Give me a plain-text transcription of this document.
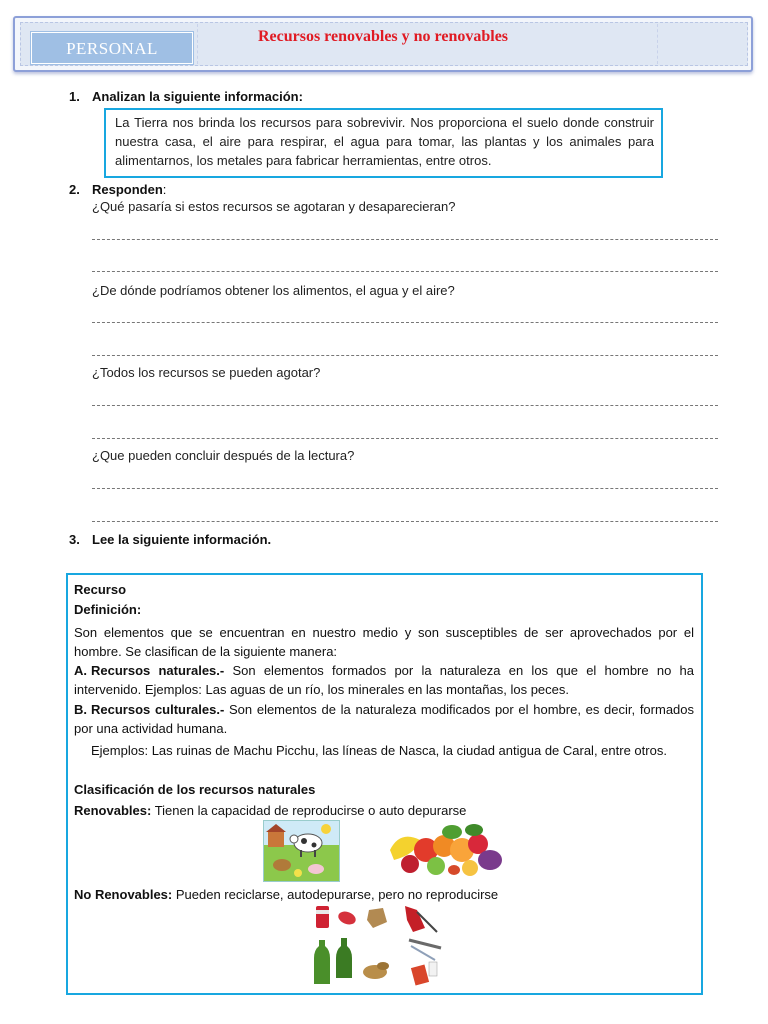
PERSONAL
Recursos renovables y no renovables
1. Analizan la siguiente información:

La Tierra nos brinda los recursos para sobrevivir. Nos proporciona el suelo donde construir nuestra casa, el aire para respirar, el agua para tomar, las plantas y los animales para alimentarnos, los metales para fabricar herramientas, entre otros.

2. Responden:
¿Qué pasaría si estos recursos se agotaran y desaparecieran?
¿De dónde podríamos obtener los alimentos, el agua y el aire?
¿Todos los recursos se pueden agotar?
¿Que pueden concluir después de la lectura?
3. Lee la siguiente información.
Recurso
Definición:
Son elementos que se encuentran en nuestro medio y son susceptibles de ser aprovechados por el hombre. Se clasifican de la siguiente manera:
A. Recursos naturales.- Son elementos formados por la naturaleza en los que el hombre no ha intervenido. Ejemplos: Las aguas de un río, los minerales en las montañas, los peces.
B. Recursos culturales.- Son elementos de la naturaleza modificados por el hombre, es decir, formados por una actividad humana.
Ejemplos: Las ruinas de Machu Picchu, las líneas de Nasca, la ciudad antigua de Caral, entre otros.
Clasificación de los recursos naturales
Renovables: Tienen la capacidad de reproducirse o auto depurarse
No Renovables: Pueden reciclarse, autodepurarse, pero no reproducirse
